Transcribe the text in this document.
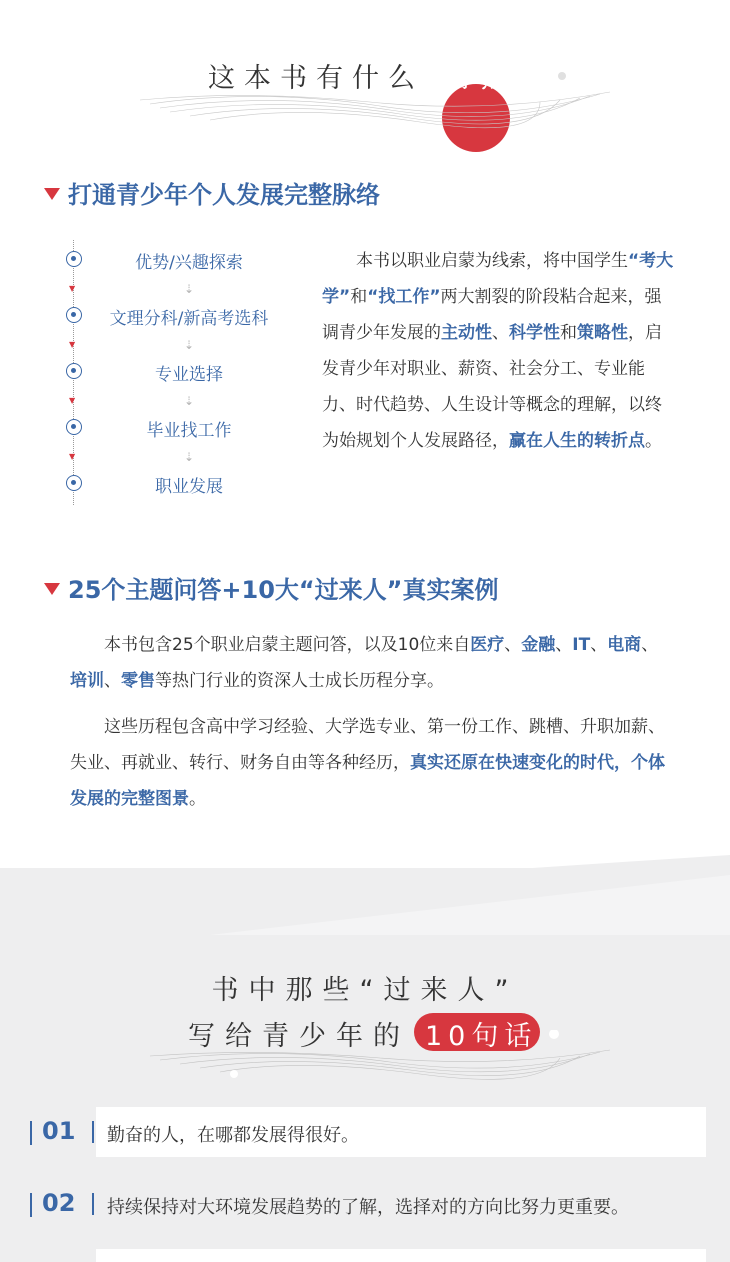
这本书有什么 特点
打通青少年个人发展完整脉络
优势/兴趣探索
⇣
▼
文理分科/新高考选科
⇣
▼
专业选择
⇣
▼
毕业找工作
⇣
▼
职业发展
本书以职业启蒙为线索，将中国学生“考大学”和“找工作”两大割裂的阶段粘合起来，强调青少年发展的主动性、科学性和策略性，启发青少年对职业、薪资、社会分工、专业能力、时代趋势、人生设计等概念的理解，以终为始规划个人发展路径，赢在人生的转折点。
25个主题问答+10大“过来人”真实案例
本书包含25个职业启蒙主题问答，以及10位来自医疗、金融、IT、电商、培训、零售等热门行业的资深人士成长历程分享。
这些历程包含高中学习经验、大学选专业、第一份工作、跳槽、升职加薪、失业、再就业、转行、财务自由等各种经历，真实还原在快速变化的时代，个体发展的完整图景。
书中那些“过来人”
写给青少年的 10句话
01 勤奋的人，在哪都发展得很好。
02 持续保持对大环境发展趋势的了解，选择对的方向比努力更重要。
